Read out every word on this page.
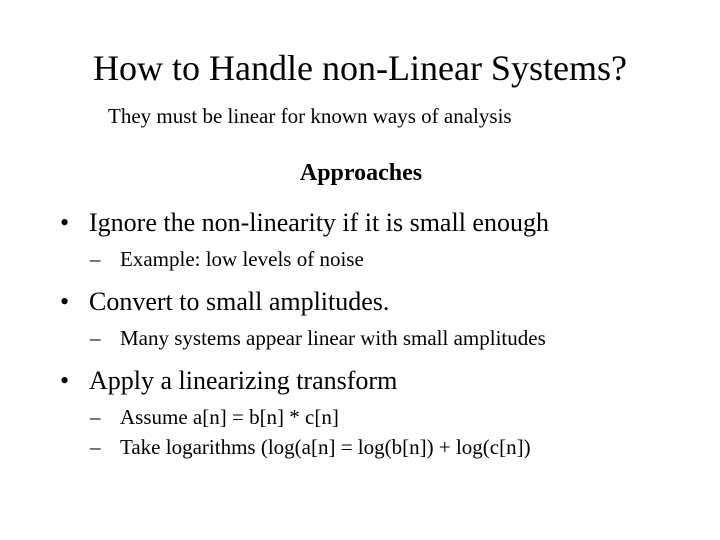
How to Handle non-Linear Systems?
They must be linear for known ways of analysis
Approaches
• Ignore the non-linearity if it is small enough
– Example: low levels of noise
• Convert to small amplitudes.
– Many systems appear linear with small amplitudes
• Apply a linearizing transform
– Assume a[n] = b[n] * c[n]
– Take logarithms (log(a[n] = log(b[n]) + log(c[n])
